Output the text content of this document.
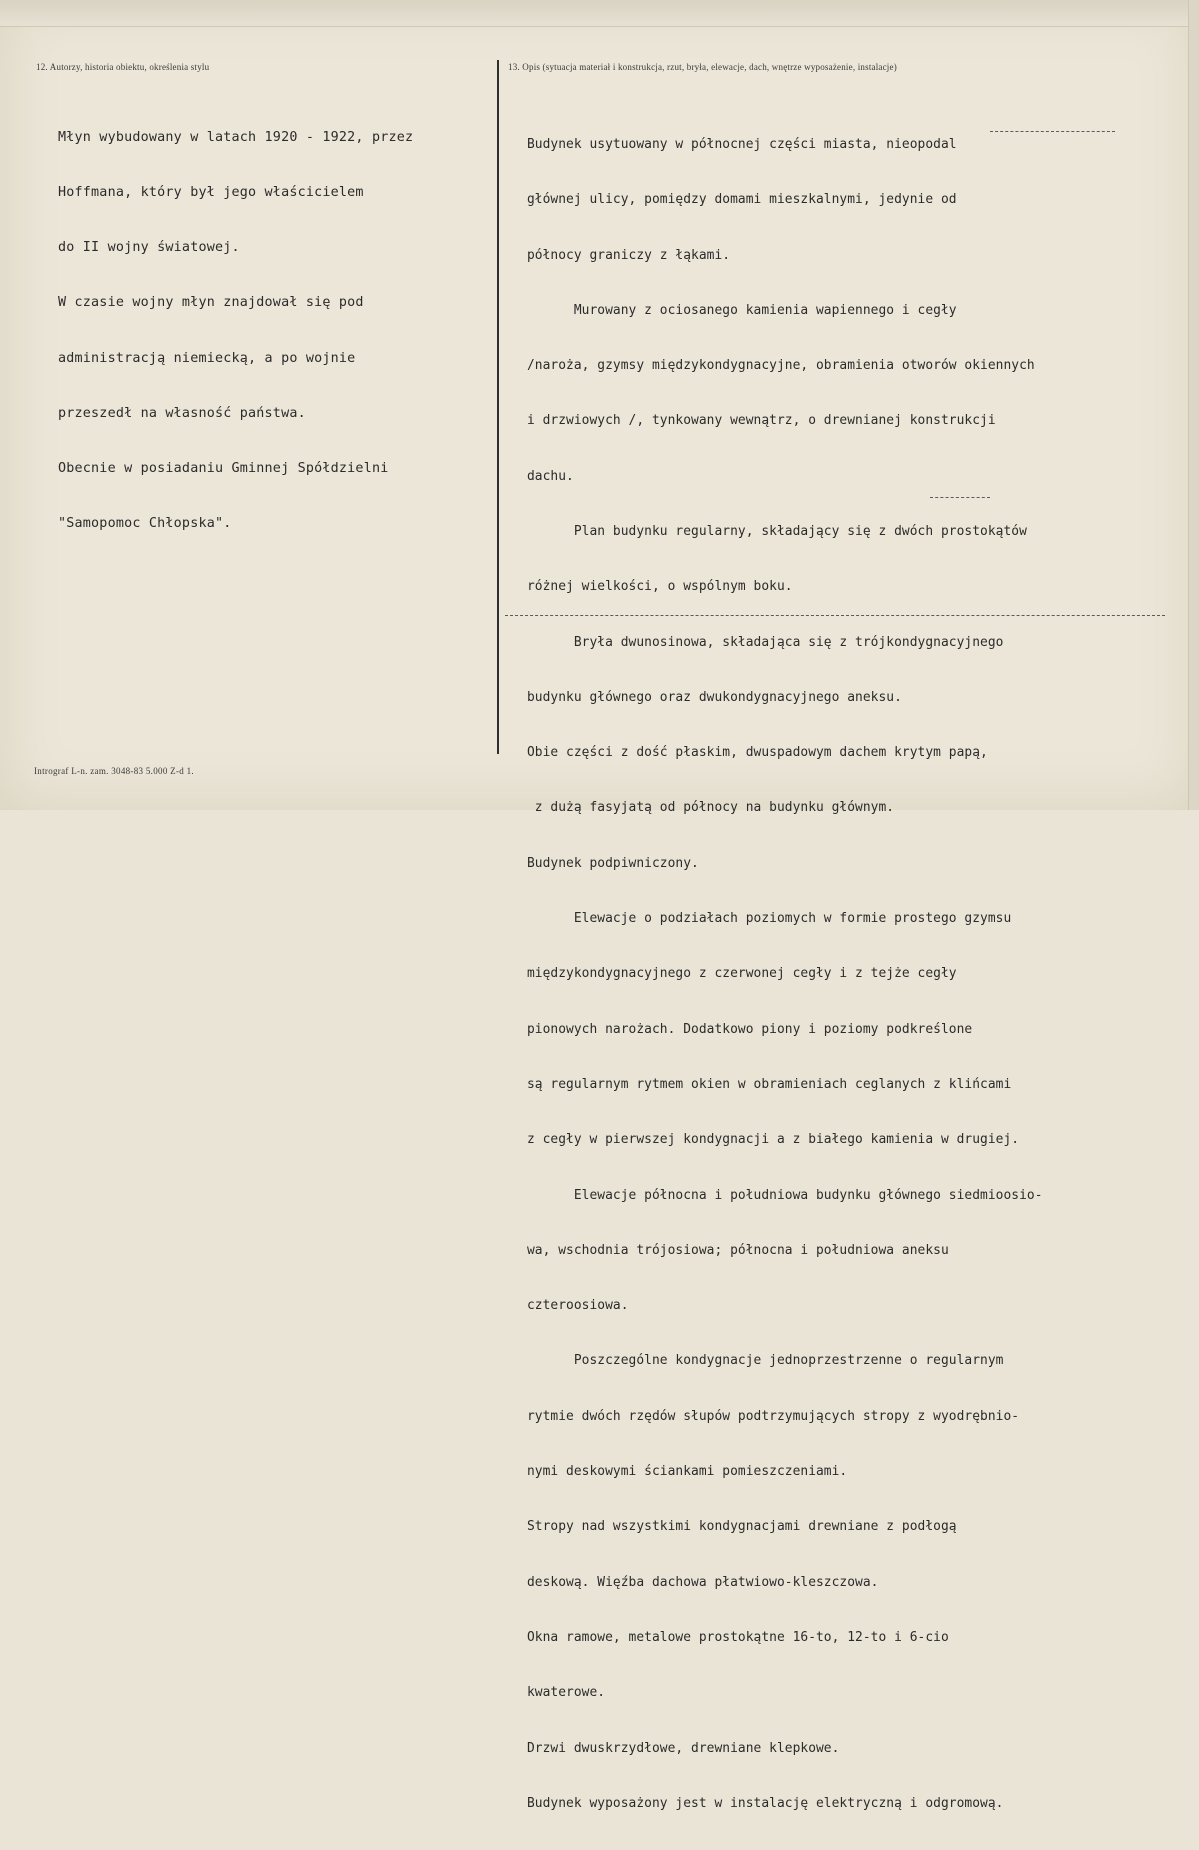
12. Autorzy, historia obiektu, określenia stylu	13. Opis (sytuacja materiał i konstrukcja, rzut, bryła, elewacje, dach, wnętrze wyposażenie, instalacje)

Młyn wybudowany w latach 1920 - 1922, przez

Hoffmana, który był jego właścicielem

do II wojny światowej.

W czasie wojny młyn znajdował się pod

administracją niemiecką, a po wojnie

przeszedł na własność państwa.

Obecnie w posiadaniu Gminnej Spółdzielni

"Samopomoc Chłopska".

Budynek usytuowany w północnej części miasta, nieopodal

głównej ulicy, pomiędzy domami mieszkalnymi, jedynie od

północy graniczy z łąkami.

Murowany z ociosanego kamienia wapiennego i cegły

/naroża, gzymsy międzykondygnacyjne, obramienia otworów okiennych

i drzwiowych /, tynkowany wewnątrz, o drewnianej konstrukcji

dachu.

Plan budynku regularny, składający się z dwóch prostokątów

różnej wielkości, o wspólnym boku.

Bryła dwunosinowa, składająca się z trójkondygnacyjnego

budynku głównego oraz dwukondygnacyjnego aneksu.

Obie części z dość płaskim, dwuspadowym dachem krytym papą,

z dużą fasyjatą od północy na budynku głównym.

Budynek podpiwniczony.

Elewacje o podziałach poziomych w formie prostego gzymsu

międzykondygnacyjnego z czerwonej cegły i z tejże cegły

pionowych narożach. Dodatkowo piony i poziomy podkreślone

są regularnym rytmem okien w obramieniach ceglanych z klińcami

z cegły w pierwszej kondygnacji a z białego kamienia w drugiej.

Elewacje północna i południowa budynku głównego siedmioosio-

wa, wschodnia trójosiowa; północna i południowa aneksu

czteroosiowa.

Poszczególne kondygnacje jednoprzestrzenne o regularnym

rytmie dwóch rzędów słupów podtrzymujących stropy z wyodrębnio-

nymi deskowymi ściankami pomieszczeniami.

Stropy nad wszystkimi kondygnacjami drewniane z podłogą

deskową. Więźba dachowa płatwiowo-kleszczowa.

Okna ramowe, metalowe prostokątne 16-to, 12-to i 6-cio

kwaterowe.

Drzwi dwuskrzydłowe, drewniane klepkowe.

Budynek wyposażony jest w instalację elektryczną i odgromową.

Intrograf L-n. zam. 3048-83 5.000 Z-d 1.
